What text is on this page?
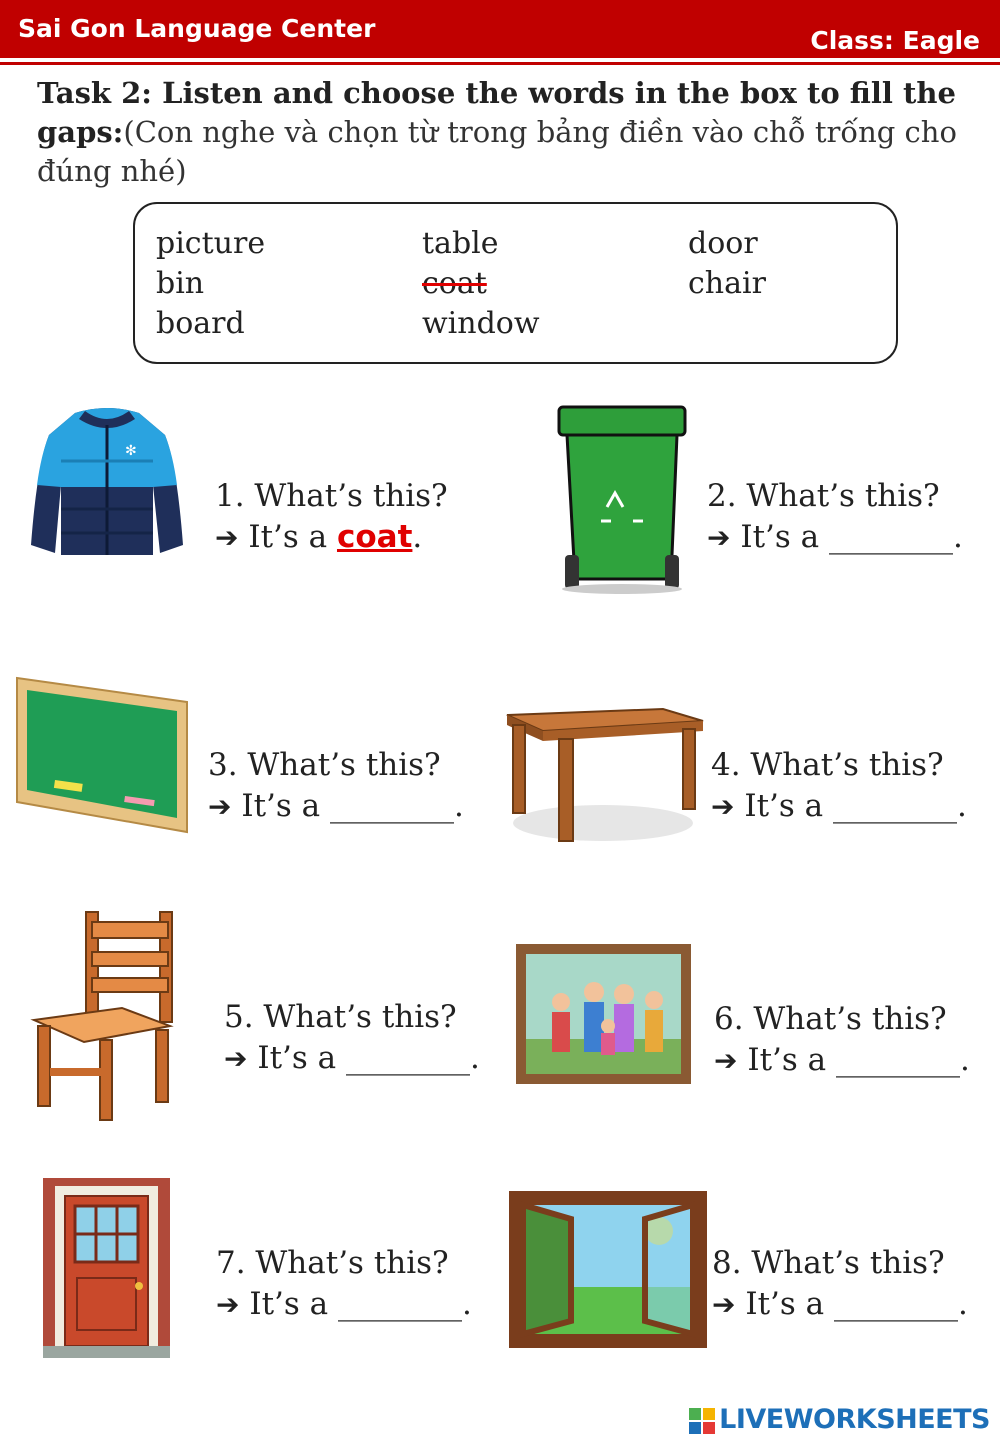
Sai Gon Language Center	Class: Eagle
Task 2: Listen and choose the words in the box to fill the gaps:(Con nghe và chọn từ trong bảng điền vào chỗ trống cho đúng nhé)
picture
bin
board
table
coat
window
door
chair
✻
1. What’s this?
➔ It’s a coat.
2. What’s this?
➔ It’s a ________.
3. What’s this?
➔ It’s a ________.
4. What’s this?
➔ It’s a ________.
5. What’s this?
➔ It’s a ________.
6. What’s this?
➔ It’s a ________.
7. What’s this?
➔ It’s a ________.
8. What’s this?
➔ It’s a ________.
LIVEWORKSHEETS
